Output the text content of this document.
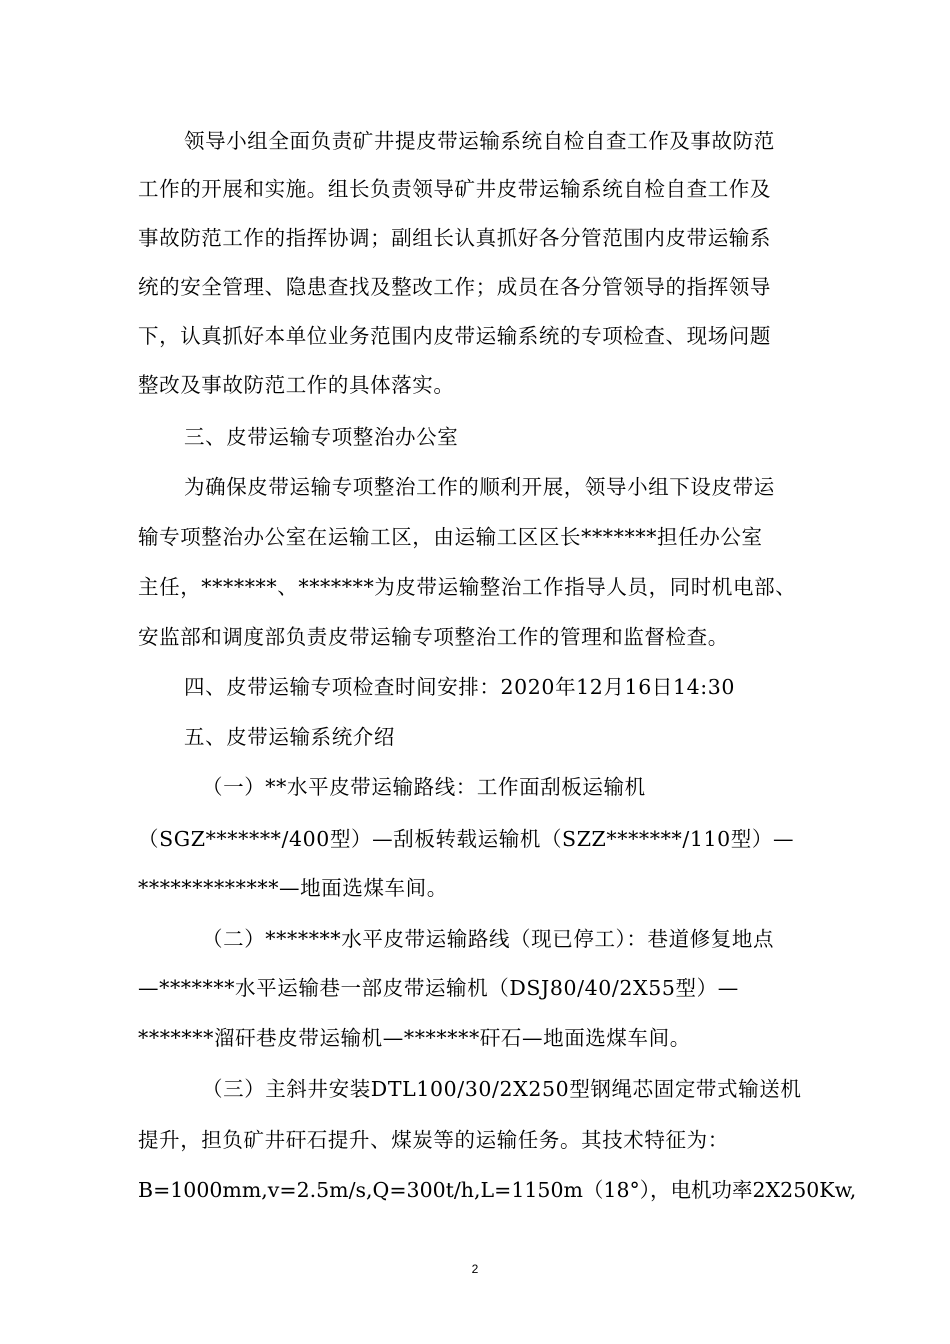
领导小组全面负责矿井提皮带运输系统自检自查工作及事故防范
工作的开展和实施。组长负责领导矿井皮带运输系统自检自查工作及
事故防范工作的指挥协调；副组长认真抓好各分管范围内皮带运输系
统的安全管理、隐患查找及整改工作；成员在各分管领导的指挥领导
下，认真抓好本单位业务范围内皮带运输系统的专项检查、现场问题
整改及事故防范工作的具体落实。
三、皮带运输专项整治办公室
为确保皮带运输专项整治工作的顺利开展，领导小组下设皮带运
输专项整治办公室在运输工区，由运输工区区长*******担任办公室
主任，*******、*******为皮带运输整治工作指导人员，同时机电部、
安监部和调度部负责皮带运输专项整治工作的管理和监督检查。
四、皮带运输专项检查时间安排：2020年12月16日14:30
五、皮带运输系统介绍
（一）**水平皮带运输路线：工作面刮板运输机
（SGZ*******/400型）—刮板转载运输机（SZZ*******/110型）—
*************—地面选煤车间。
（二）*******水平皮带运输路线（现已停工）：巷道修复地点
—*******水平运输巷一部皮带运输机（DSJ80/40/2X55型）—
*******溜矸巷皮带运输机—*******矸石—地面选煤车间。
（三）主斜井安装DTL100/30/2X250型钢绳芯固定带式输送机
提升，担负矿井矸石提升、煤炭等的运输任务。其技术特征为：
B=1000mm,v=2.5m/s,Q=300t/h,L=1150m（18°），电机功率2X250Kw,
2
